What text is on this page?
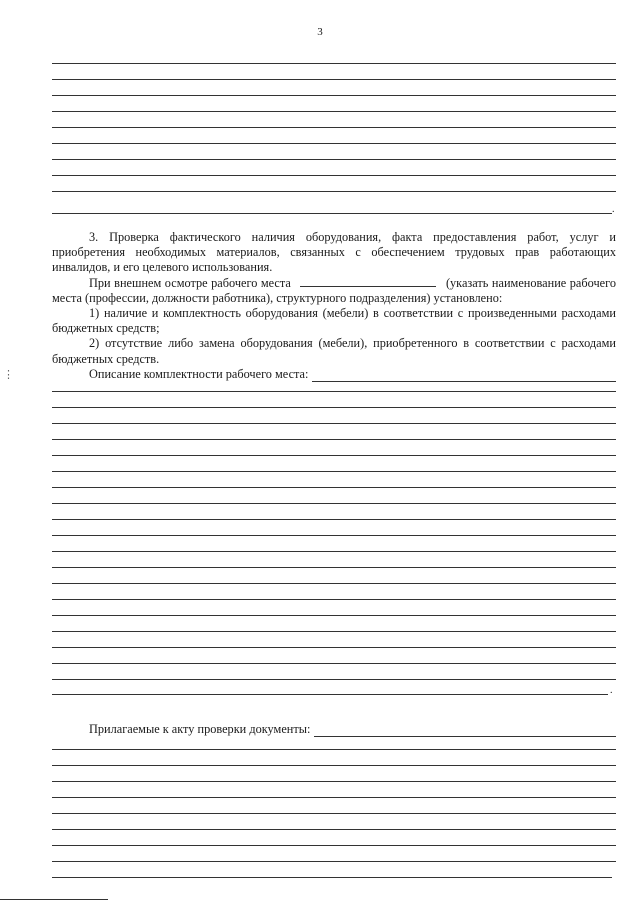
3
.

3. Проверка фактического наличия оборудования, факта предоставления работ, услуг и приобретения необходимых материалов, связанных с обеспечением трудовых прав работающих инвалидов, и его целевого использования.

При внешнем осмотре рабочего места	(указать наименование рабочего места (профессии, должности работника), структурного подразделения) установлено:

1) наличие и комплектность оборудования (мебели) в соответствии с произведенными расходами бюджетных средств;

2) отсутствие либо замена оборудования (мебели), приобретенного в соответствии с расходами бюджетных средств.

Описание комплектности рабочего места:
.
Прилагаемые к акту проверки документы:
⋮
